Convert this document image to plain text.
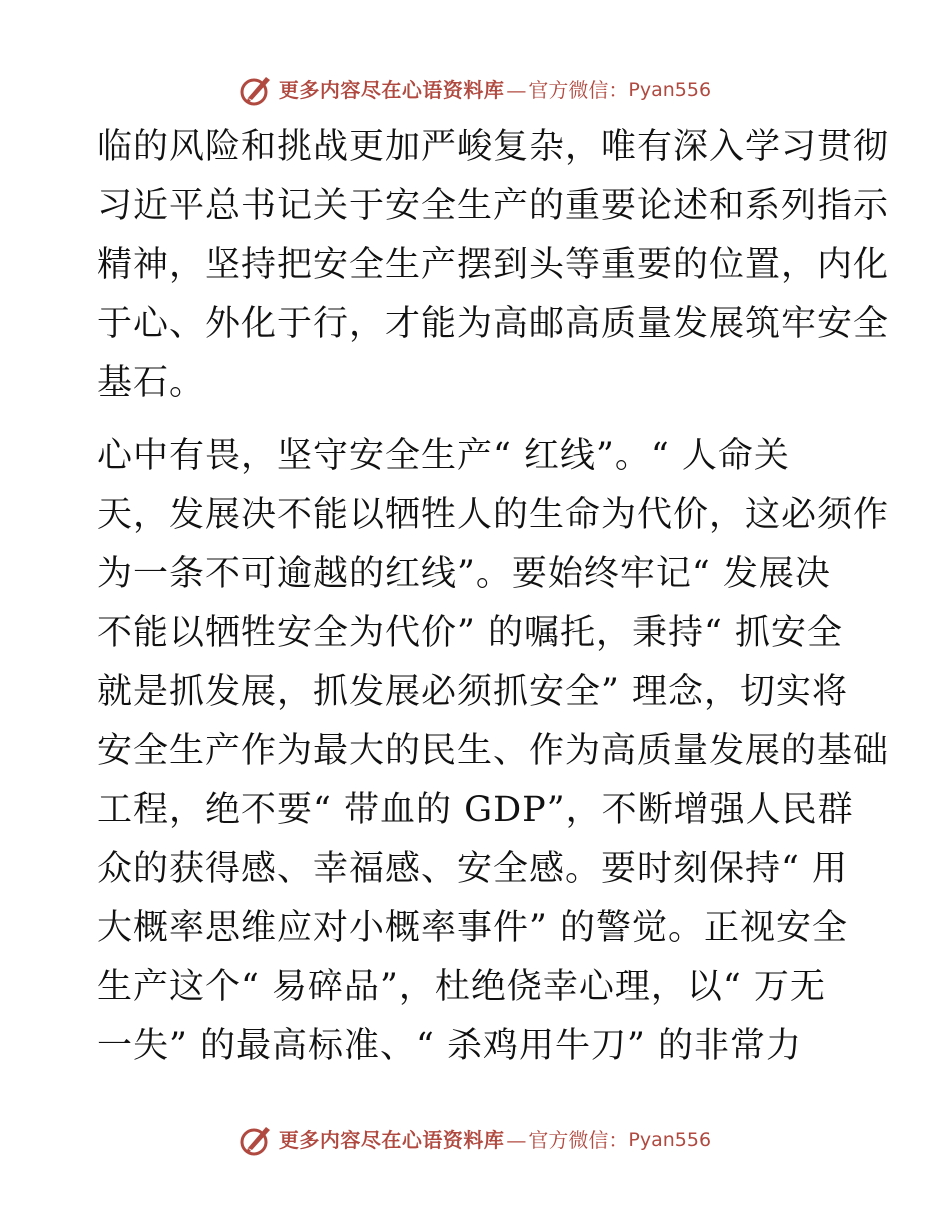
更多内容尽在心语资料库 — 官方微信： Pyan556

临的风险和挑战更加严峻复杂，唯有深入学习贯彻
习近平总书记关于安全生产的重要论述和系列指示
精神，坚持把安全生产摆到头等重要的位置，内化
于心、外化于行，才能为高邮高质量发展筑牢安全
基石。

心中有畏，坚守安全生产“ 红线”。“ 人命关
天，发展决不能以牺牲人的生命为代价，这必须作
为一条不可逾越的红线”。要始终牢记“ 发展决
不能以牺牲安全为代价” 的嘱托，秉持“ 抓安全
就是抓发展，抓发展必须抓安全” 理念，切实将
安全生产作为最大的民生、作为高质量发展的基础
工程，绝不要“ 带血的 GDP”，不断增强人民群
众的获得感、幸福感、安全感。要时刻保持“ 用
大概率思维应对小概率事件” 的警觉。正视安全
生产这个“ 易碎品”，杜绝侥幸心理，以“ 万无
一失” 的最高标准、“ 杀鸡用牛刀” 的非常力

更多内容尽在心语资料库 — 官方微信： Pyan556
